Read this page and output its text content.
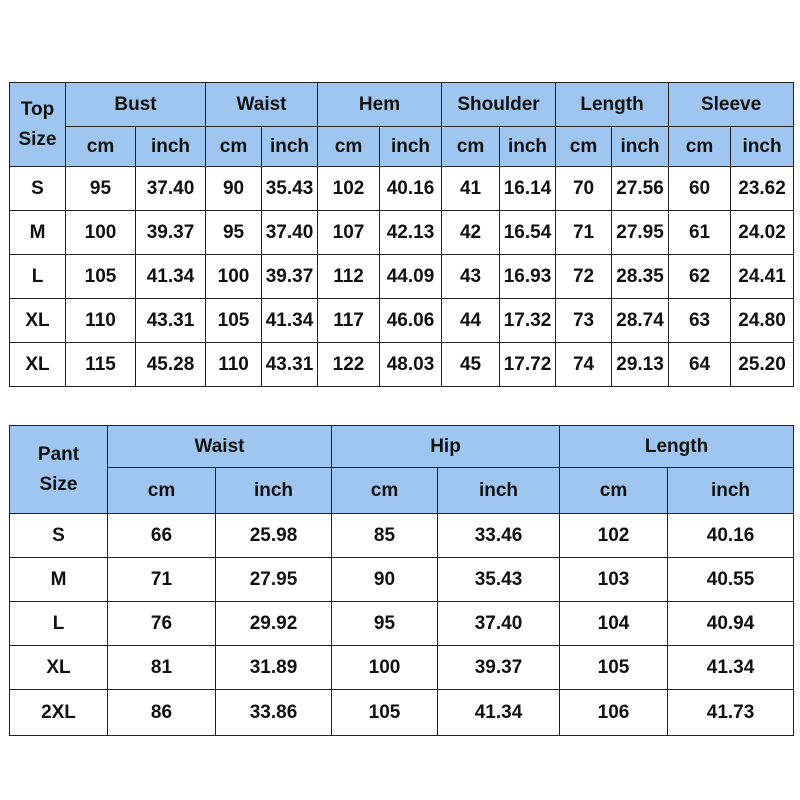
Top
Size	Bust		Waist		Hem		Shoulder		Length		Sleeve	
	cm	inch	cm	inch	cm	inch	cm	inch	cm	inch	cm	inch
S	95	37.40	90	35.43	102	40.16	41	16.14	70	27.56	60	23.62
M	100	39.37	95	37.40	107	42.13	42	16.54	71	27.95	61	24.02
L	105	41.34	100	39.37	112	44.09	43	16.93	72	28.35	62	24.41
XL	110	43.31	105	41.34	117	46.06	44	17.32	73	28.74	63	24.80
XL	115	45.28	110	43.31	122	48.03	45	17.72	74	29.13	64	25.20
Pant
Size	Waist		Hip		Length	
	cm	inch	cm	inch	cm	inch
S	66	25.98	85	33.46	102	40.16
M	71	27.95	90	35.43	103	40.55
L	76	29.92	95	37.40	104	40.94
XL	81	31.89	100	39.37	105	41.34
2XL	86	33.86	105	41.34	106	41.73
